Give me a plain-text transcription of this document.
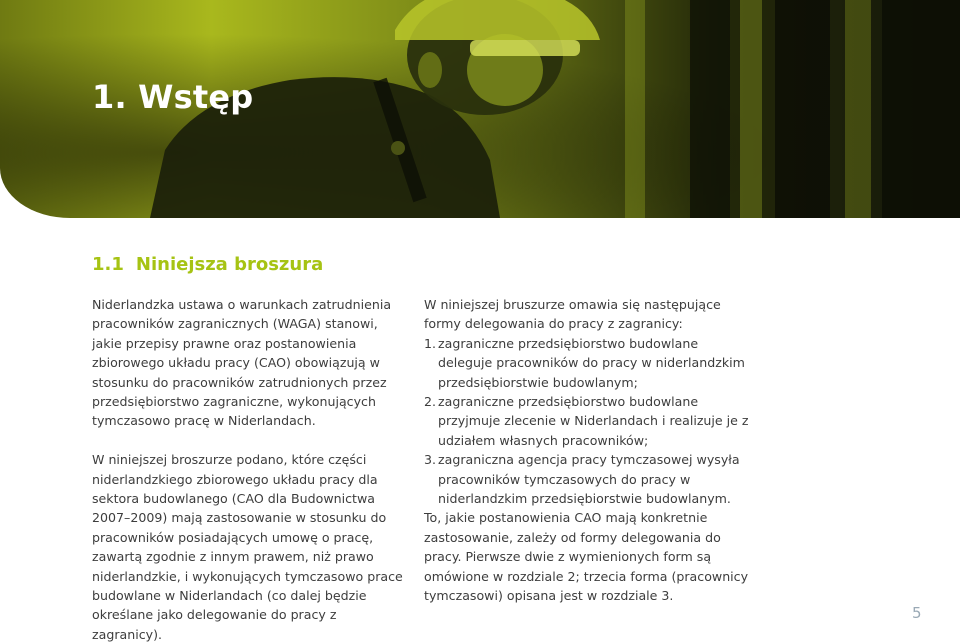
1. Wstęp
1.1 Niniejsza broszura

Niderlandzka ustawa o warunkach zatrudnienia pracowników zagranicznych (WAGA) stanowi, jakie przepisy prawne oraz postanowienia zbiorowego układu pracy (CAO) obowiązują w stosunku do pracowników zatrudnionych przez przedsiębiorstwo zagraniczne, wykonujących tymczasowo pracę w Niderlandach.

W niniejszej broszurze podano, które części niderlandzkiego zbiorowego układu pracy dla sektora budowlanego (CAO dla Budownictwa 2007–2009) mają zastosowanie w stosunku do pracowników posiadających umowę o pracę, zawartą zgodnie z innym prawem, niż prawo niderlandzkie, i wykonujących tymczasowo prace budowlane w Niderlandach (co dalej będzie określane jako delegowanie do pracy z zagranicy).

W niniejszej bruszurze omawia się następujące formy delegowania do pracy z zagranicy:

1. zagraniczne przedsiębiorstwo budowlane deleguje pracowników do pracy w niderlandzkim przedsiębiorstwie budowlanym;
2. zagraniczne przedsiębiorstwo budowlane przyjmuje zlecenie w Niderlandach i realizuje je z udziałem własnych pracowników;
3. zagraniczna agencja pracy tymczasowej wysyła pracowników tymczasowych do pracy w niderlandzkim przedsiębiorstwie budowlanym.

To, jakie postanowienia CAO mają konkretnie zastosowanie, zależy od formy delegowania do pracy. Pierwsze dwie z wymienionych form są omówione w rozdziale 2; trzecia forma (pracownicy tymczasowi) opisana jest w rozdziale 3.

5
